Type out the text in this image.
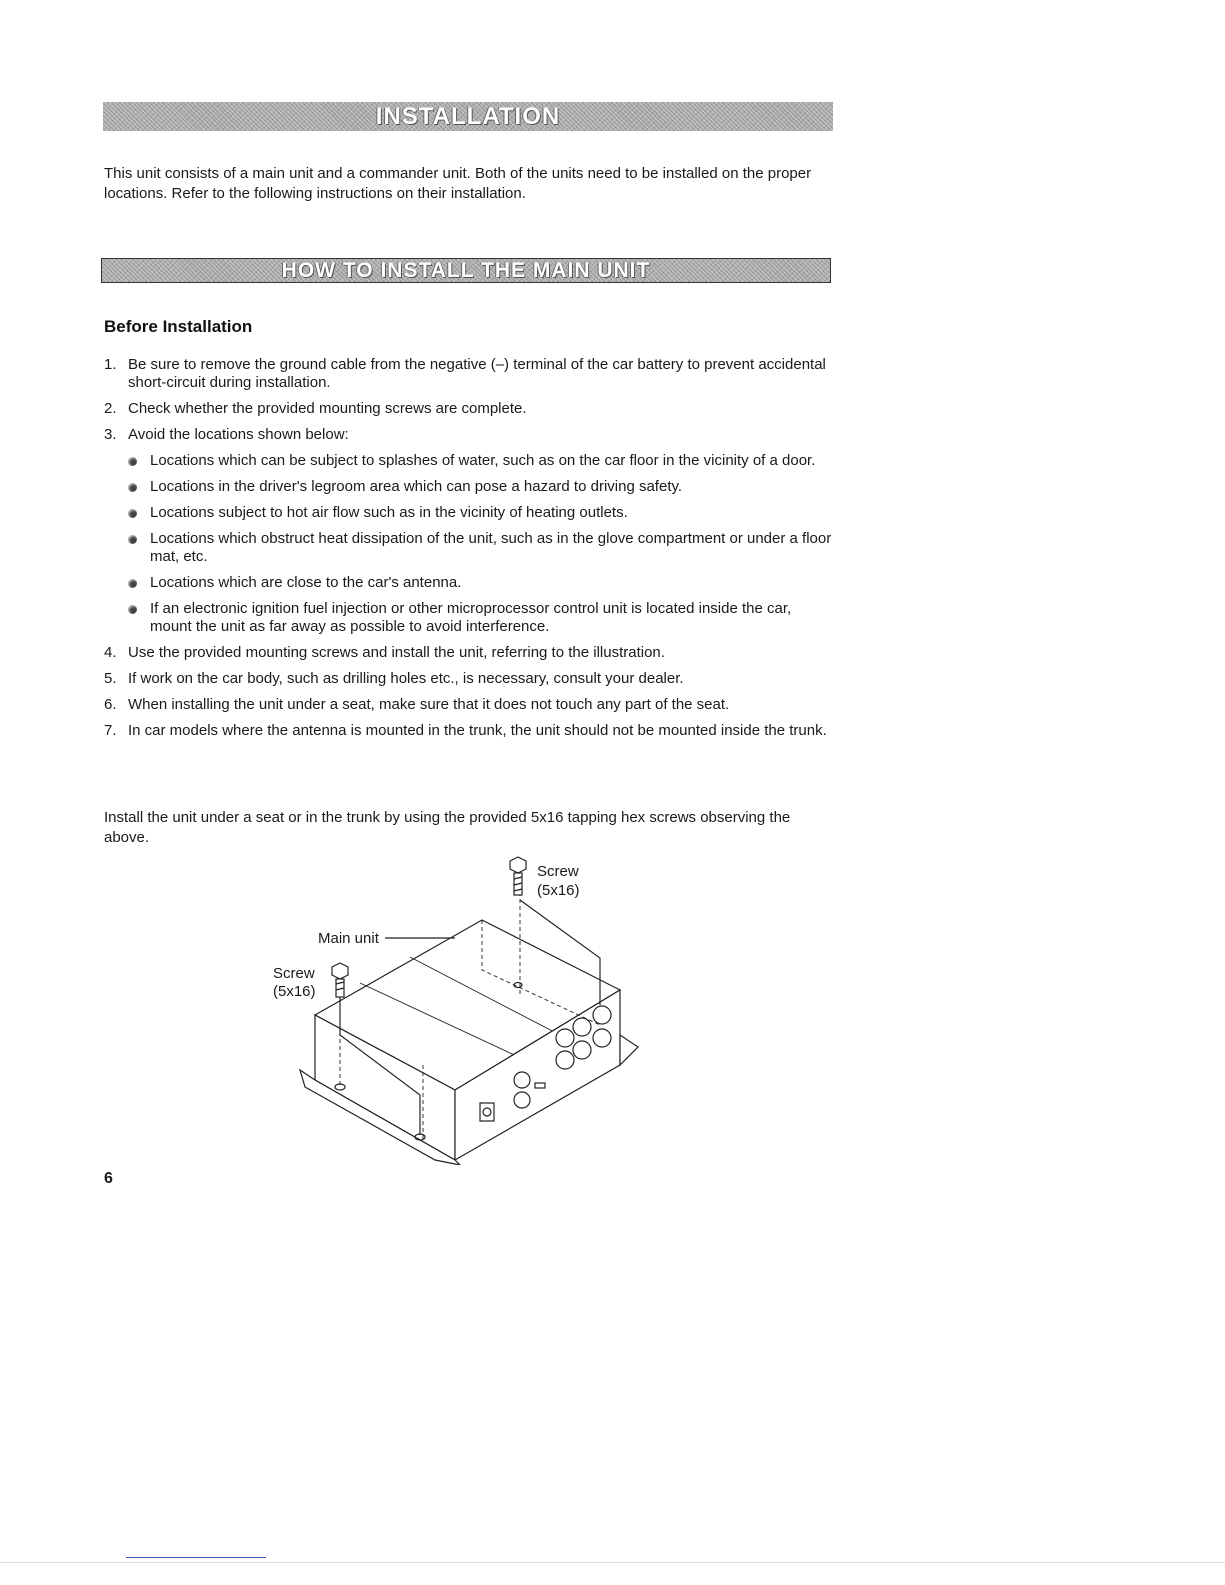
INSTALLATION

This unit consists of a main unit and a commander unit. Both of the units need to be installed on the proper locations. Refer to the following instructions on their installation.

HOW TO INSTALL THE MAIN UNIT
Before Installation
1. Be sure to remove the ground cable from the negative (–) terminal of the car battery to prevent accidental short-circuit during installation.
2. Check whether the provided mounting screws are complete.
3. Avoid the locations shown below:
Locations which can be subject to splashes of water, such as on the car floor in the vicinity of a door.
Locations in the driver's legroom area which can pose a hazard to driving safety.
Locations subject to hot air flow such as in the vicinity of heating outlets.
Locations which obstruct heat dissipation of the unit, such as in the glove compartment or under a floor mat, etc.
Locations which are close to the car's antenna.
If an electronic ignition fuel injection or other microprocessor control unit is located inside the car, mount the unit as far away as possible to avoid interference.
4. Use the provided mounting screws and install the unit, referring to the illustration.
5. If work on the car body, such as drilling holes etc., is necessary, consult your dealer.
6. When installing the unit under a seat, make sure that it does not touch any part of the seat.
7. In car models where the antenna is mounted in the trunk, the unit should not be mounted inside the trunk.

Install the unit under a seat or in the trunk by using the provided 5x16 tapping hex screws observing the above.

Screw
(5x16)
Main unit
Screw
(5x16)
6
